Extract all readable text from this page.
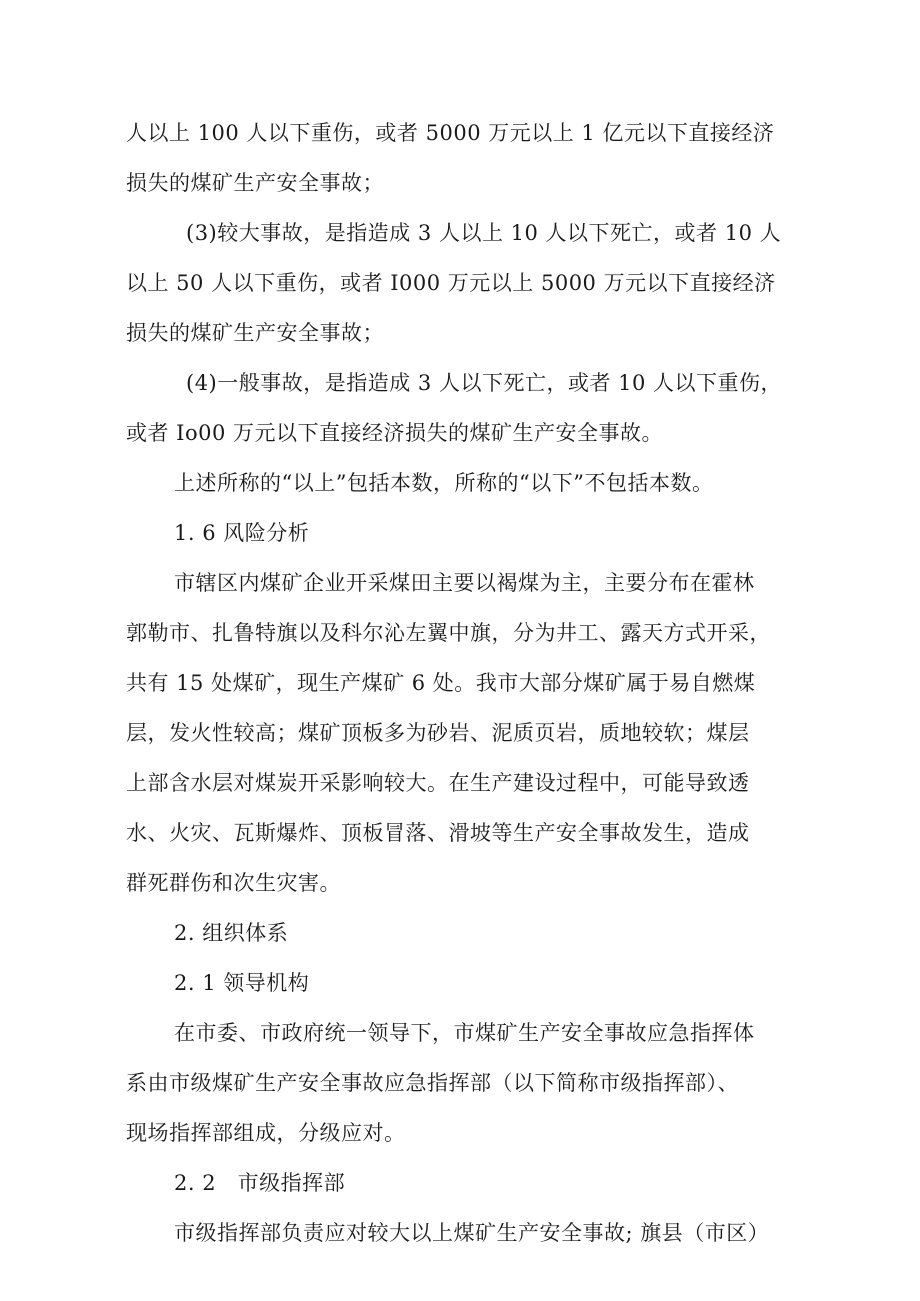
人以上 100 人以下重伤，或者 5000 万元以上 1 亿元以下直接经济
损失的煤矿生产安全事故；
(3)较大事故，是指造成 3 人以上 10 人以下死亡，或者 10 人
以上 50 人以下重伤，或者 I000 万元以上 5000 万元以下直接经济
损失的煤矿生产安全事故；
(4)一般事故，是指造成 3 人以下死亡，或者 10 人以下重伤，
或者 Io00 万元以下直接经济损失的煤矿生产安全事故。
上述所称的“以上”包括本数，所称的“以下”不包括本数。
1. 6 风险分析
市辖区内煤矿企业开采煤田主要以褐煤为主，主要分布在霍林
郭勒市、扎鲁特旗以及科尔沁左翼中旗，分为井工、露天方式开采，
共有 15 处煤矿，现生产煤矿 6 处。我市大部分煤矿属于易自燃煤
层，发火性较高；煤矿顶板多为砂岩、泥质页岩，质地较软；煤层
上部含水层对煤炭开采影响较大。在生产建设过程中，可能导致透
水、火灾、瓦斯爆炸、顶板冒落、滑坡等生产安全事故发生，造成
群死群伤和次生灾害。
2. 组织体系
2. 1 领导机构
在市委、市政府统一领导下，市煤矿生产安全事故应急指挥体
系由市级煤矿生产安全事故应急指挥部（以下简称市级指挥部）、
现场指挥部组成，分级应对。
2. 2　市级指挥部
市级指挥部负责应对较大以上煤矿生产安全事故; 旗县（市区）
